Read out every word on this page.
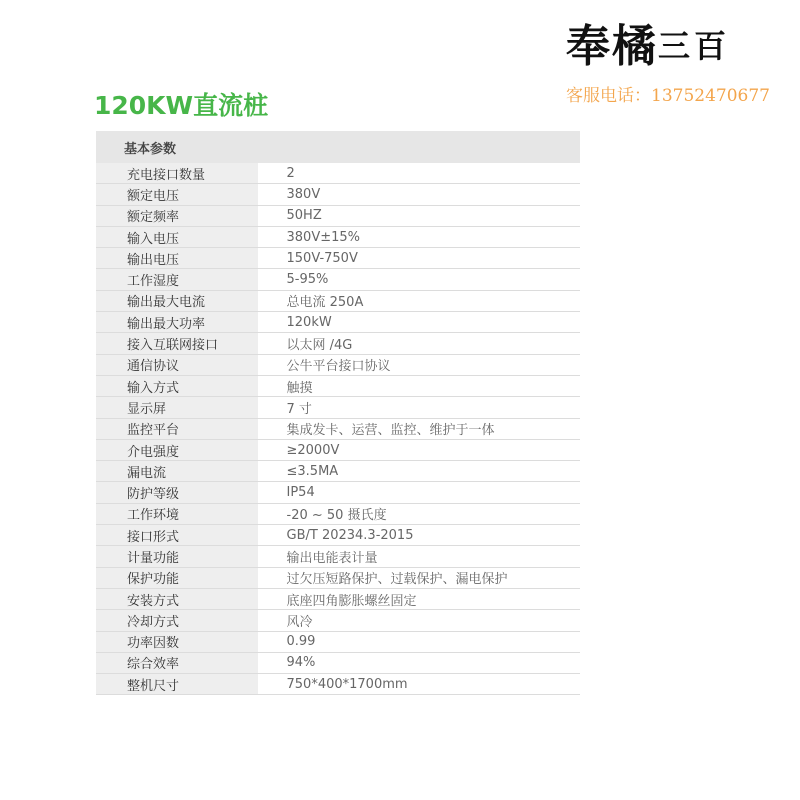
奉橘三百
客服电话：13752470677
120KW直流桩
基本参数	
充电接口数量	2
额定电压	380V
额定频率	50HZ
输入电压	380V±15%
输出电压	150V-750V
工作湿度	5-95%
输出最大电流	总电流 250A
输出最大功率	120kW
接入互联网接口	以太网 /4G
通信协议	公牛平台接口协议
输入方式	触摸
显示屏	7 寸
监控平台	集成发卡、运营、监控、维护于一体
介电强度	≥2000V
漏电流	≤3.5MA
防护等级	IP54
工作环境	-20 ~ 50 摄氏度
接口形式	GB/T 20234.3-2015
计量功能	输出电能表计量
保护功能	过欠压短路保护、过载保护、漏电保护
安装方式	底座四角膨胀螺丝固定
冷却方式	风冷
功率因数	0.99
综合效率	94%
整机尺寸	750*400*1700mm
